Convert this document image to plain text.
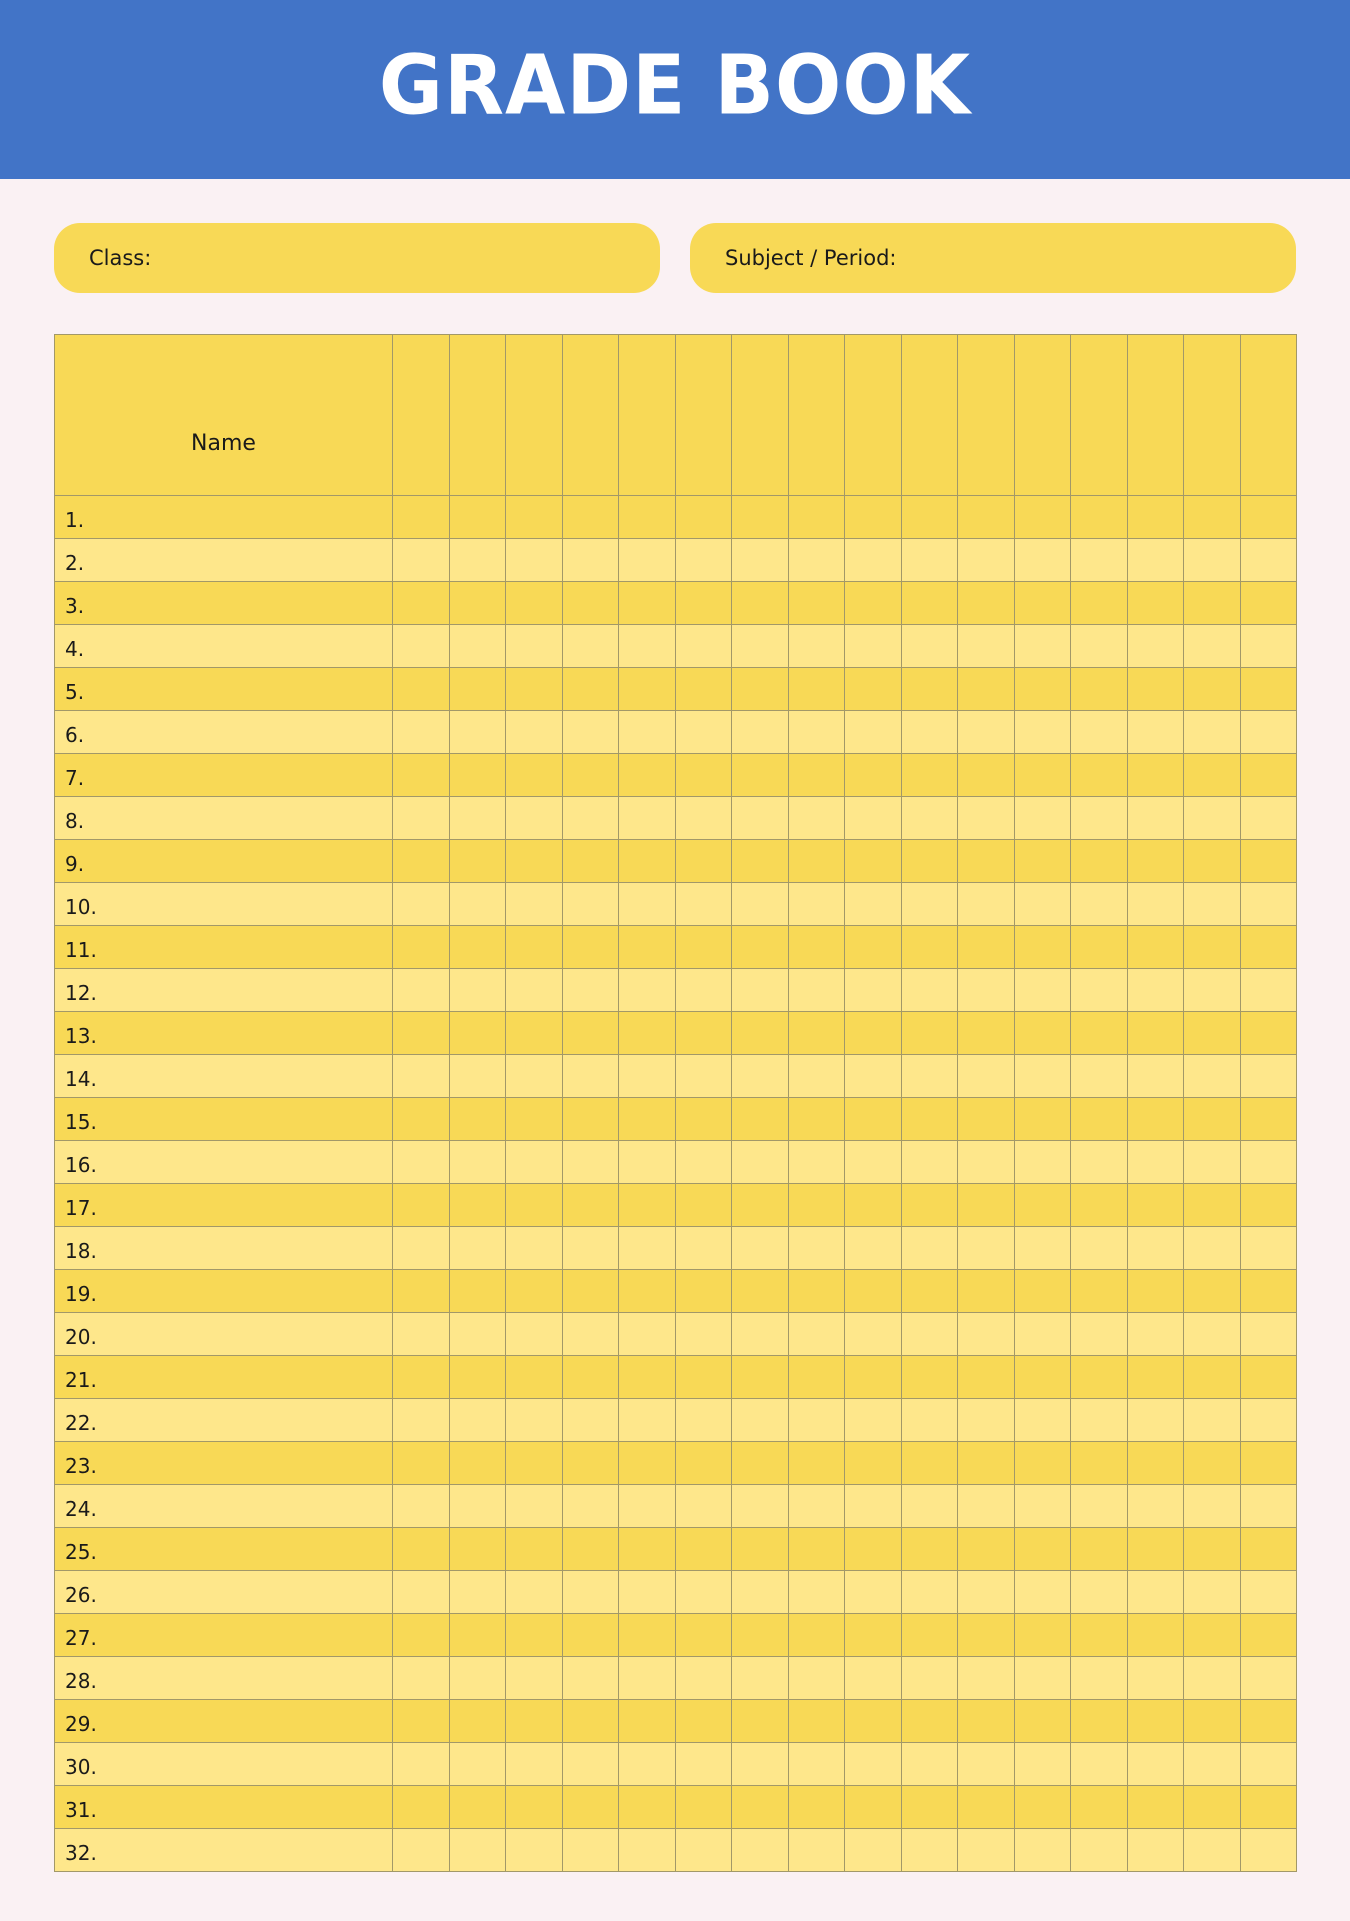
GRADE BOOK
Class:	Subject / Period:
Name																
1.																
2.																
3.																
4.																
5.																
6.																
7.																
8.																
9.																
10.																
11.																
12.																
13.																
14.																
15.																
16.																
17.																
18.																
19.																
20.																
21.																
22.																
23.																
24.																
25.																
26.																
27.																
28.																
29.																
30.																
31.																
32.																
